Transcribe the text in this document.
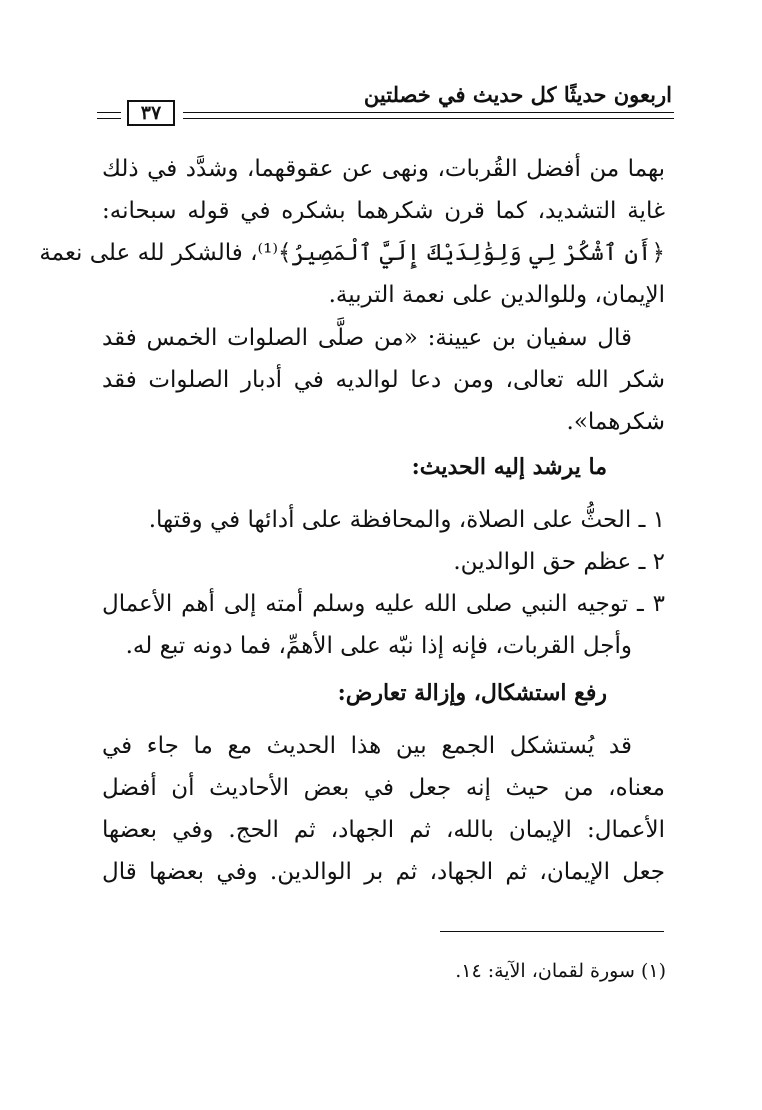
اربعون حديثًا كل حديث في خصلتين
٣٧
بهما من أفضل القُربات، ونهى عن عقوقهما، وشدَّد في ذلك
غاية التشديد، كما قرن شكرهما بشكره في قوله سبحانه:
﴿أَنِ ٱشْكُرْ لِي وَلِوَٰلِدَيْكَ إِلَيَّ ٱلْمَصِيرُ﴾⁽¹⁾، فالشكر لله على نعمة
الإيمان، وللوالدين على نعمة التربية.
قال سفيان بن عيينة: «من صلَّى الصلوات الخمس فقد
شكر الله تعالى، ومن دعا لوالديه في أدبار الصلوات فقد
شكرهما».
ما يرشد إليه الحديث:
١ ـ الحثُّ على الصلاة، والمحافظة على أدائها في وقتها.
٢ ـ عظم حق الوالدين.
٣ ـ توجيه النبي صلى الله عليه وسلم أمته إلى أهم الأعمال
وأجل القربات، فإنه إذا نبّه على الأهمِّ، فما دونه تبع له.
رفع استشكال، وإزالة تعارض:
قد يُستشكل الجمع بين هذا الحديث مع ما جاء في
معناه، من حيث إنه جعل في بعض الأحاديث أن أفضل
الأعمال: الإيمان بالله، ثم الجهاد، ثم الحج. وفي بعضها
جعل الإيمان، ثم الجهاد، ثم بر الوالدين. وفي بعضها قال
(١) سورة لقمان، الآية: ١٤.
